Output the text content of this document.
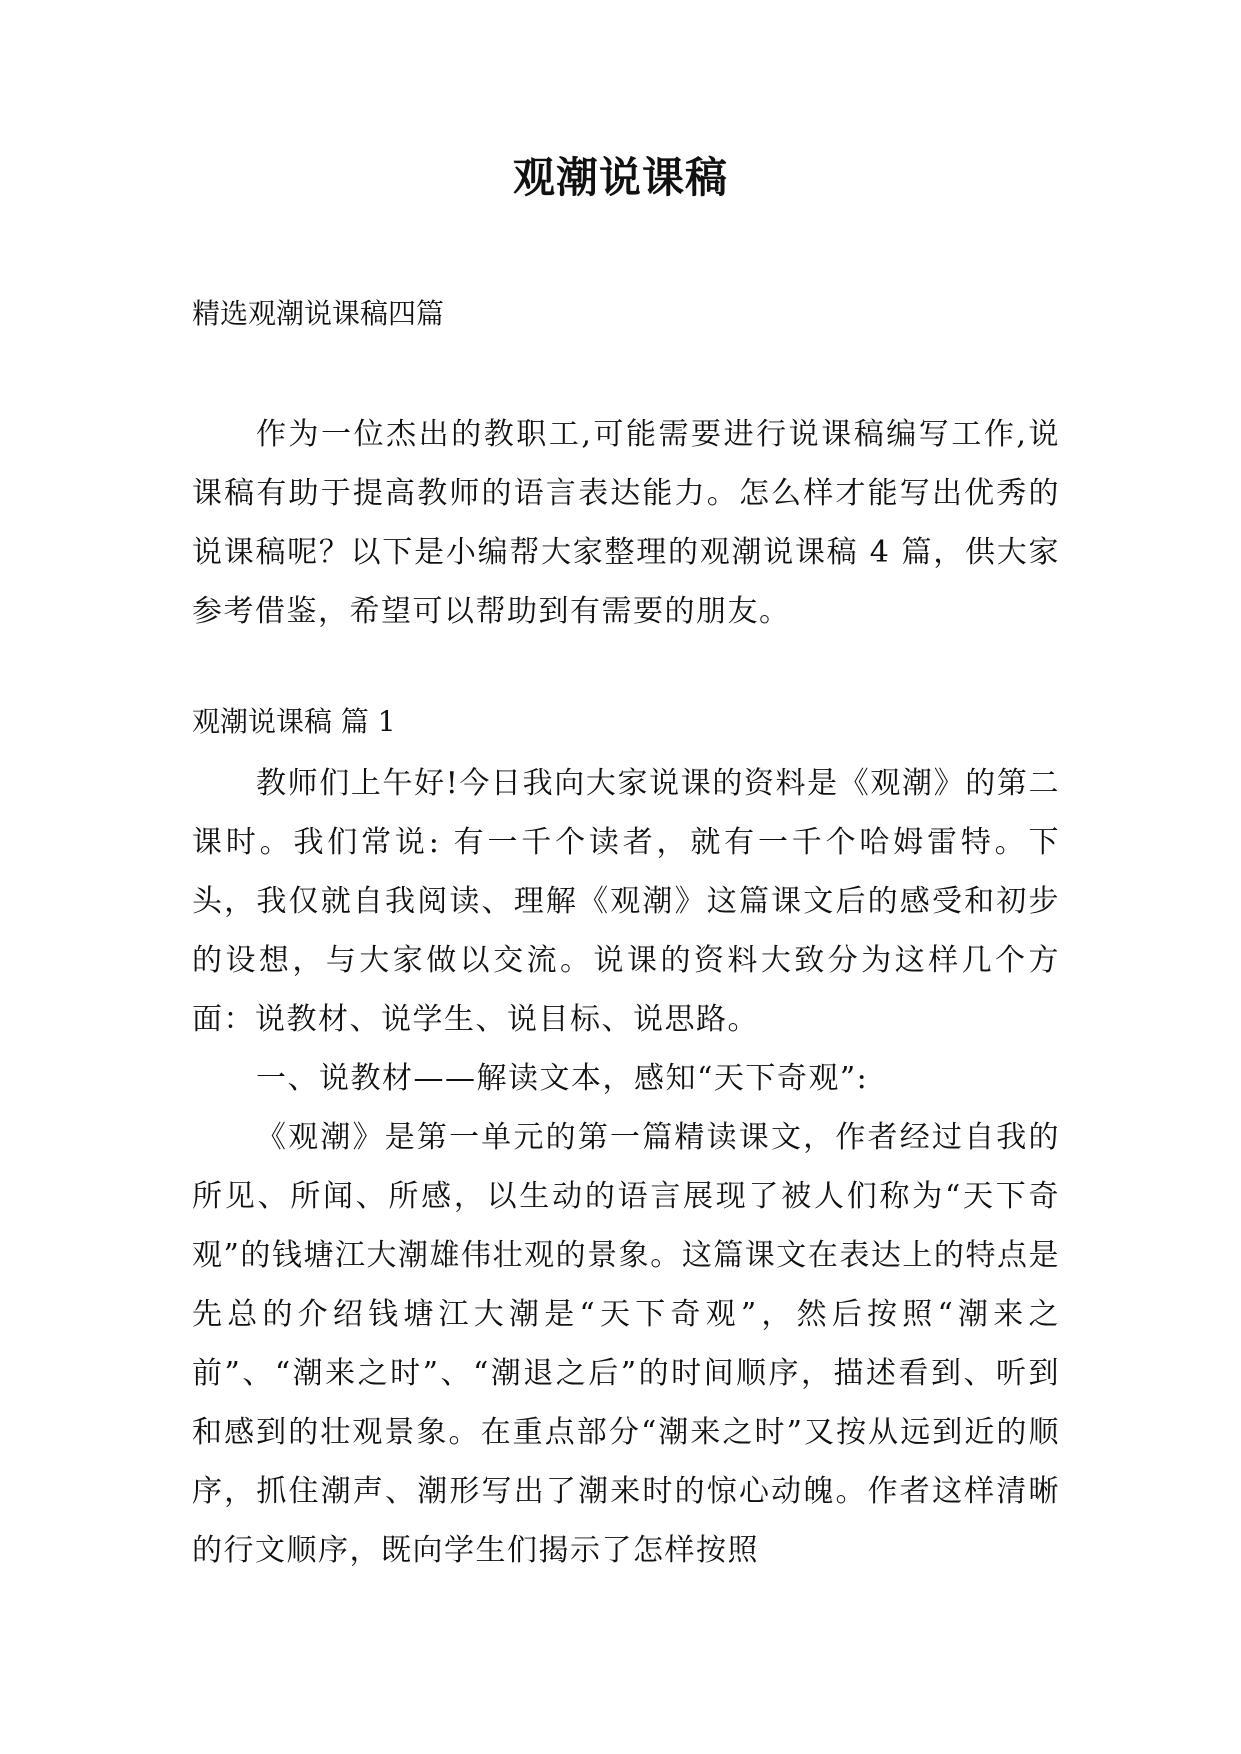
观潮说课稿

精选观潮说课稿四篇

作为一位杰出的教职工,可能需要进行说课稿编写工作,说课稿有助于提高教师的语言表达能力。怎么样才能写出优秀的说课稿呢？以下是小编帮大家整理的观潮说课稿 4 篇，供大家参考借鉴，希望可以帮助到有需要的朋友。

观潮说课稿 篇 1

教师们上午好!今日我向大家说课的资料是《观潮》的第二课时。我们常说: 有一千个读者，就有一千个哈姆雷特。下头，我仅就自我阅读、理解《观潮》这篇课文后的感受和初步的设想，与大家做以交流。说课的资料大致分为这样几个方面：说教材、说学生、说目标、说思路。

一、说教材——解读文本，感知“天下奇观”:

《观潮》是第一单元的第一篇精读课文，作者经过自我的所见、所闻、所感，以生动的语言展现了被人们称为“天下奇观”的钱塘江大潮雄伟壮观的景象。这篇课文在表达上的特点是先总的介绍钱塘江大潮是“天下奇观”，然后按照“潮来之前”、“潮来之时”、“潮退之后”的时间顺序，描述看到、听到和感到的壮观景象。在重点部分“潮来之时”又按从远到近的顺序，抓住潮声、潮形写出了潮来时的惊心动魄。作者这样清晰的行文顺序，既向学生们揭示了怎样按照
